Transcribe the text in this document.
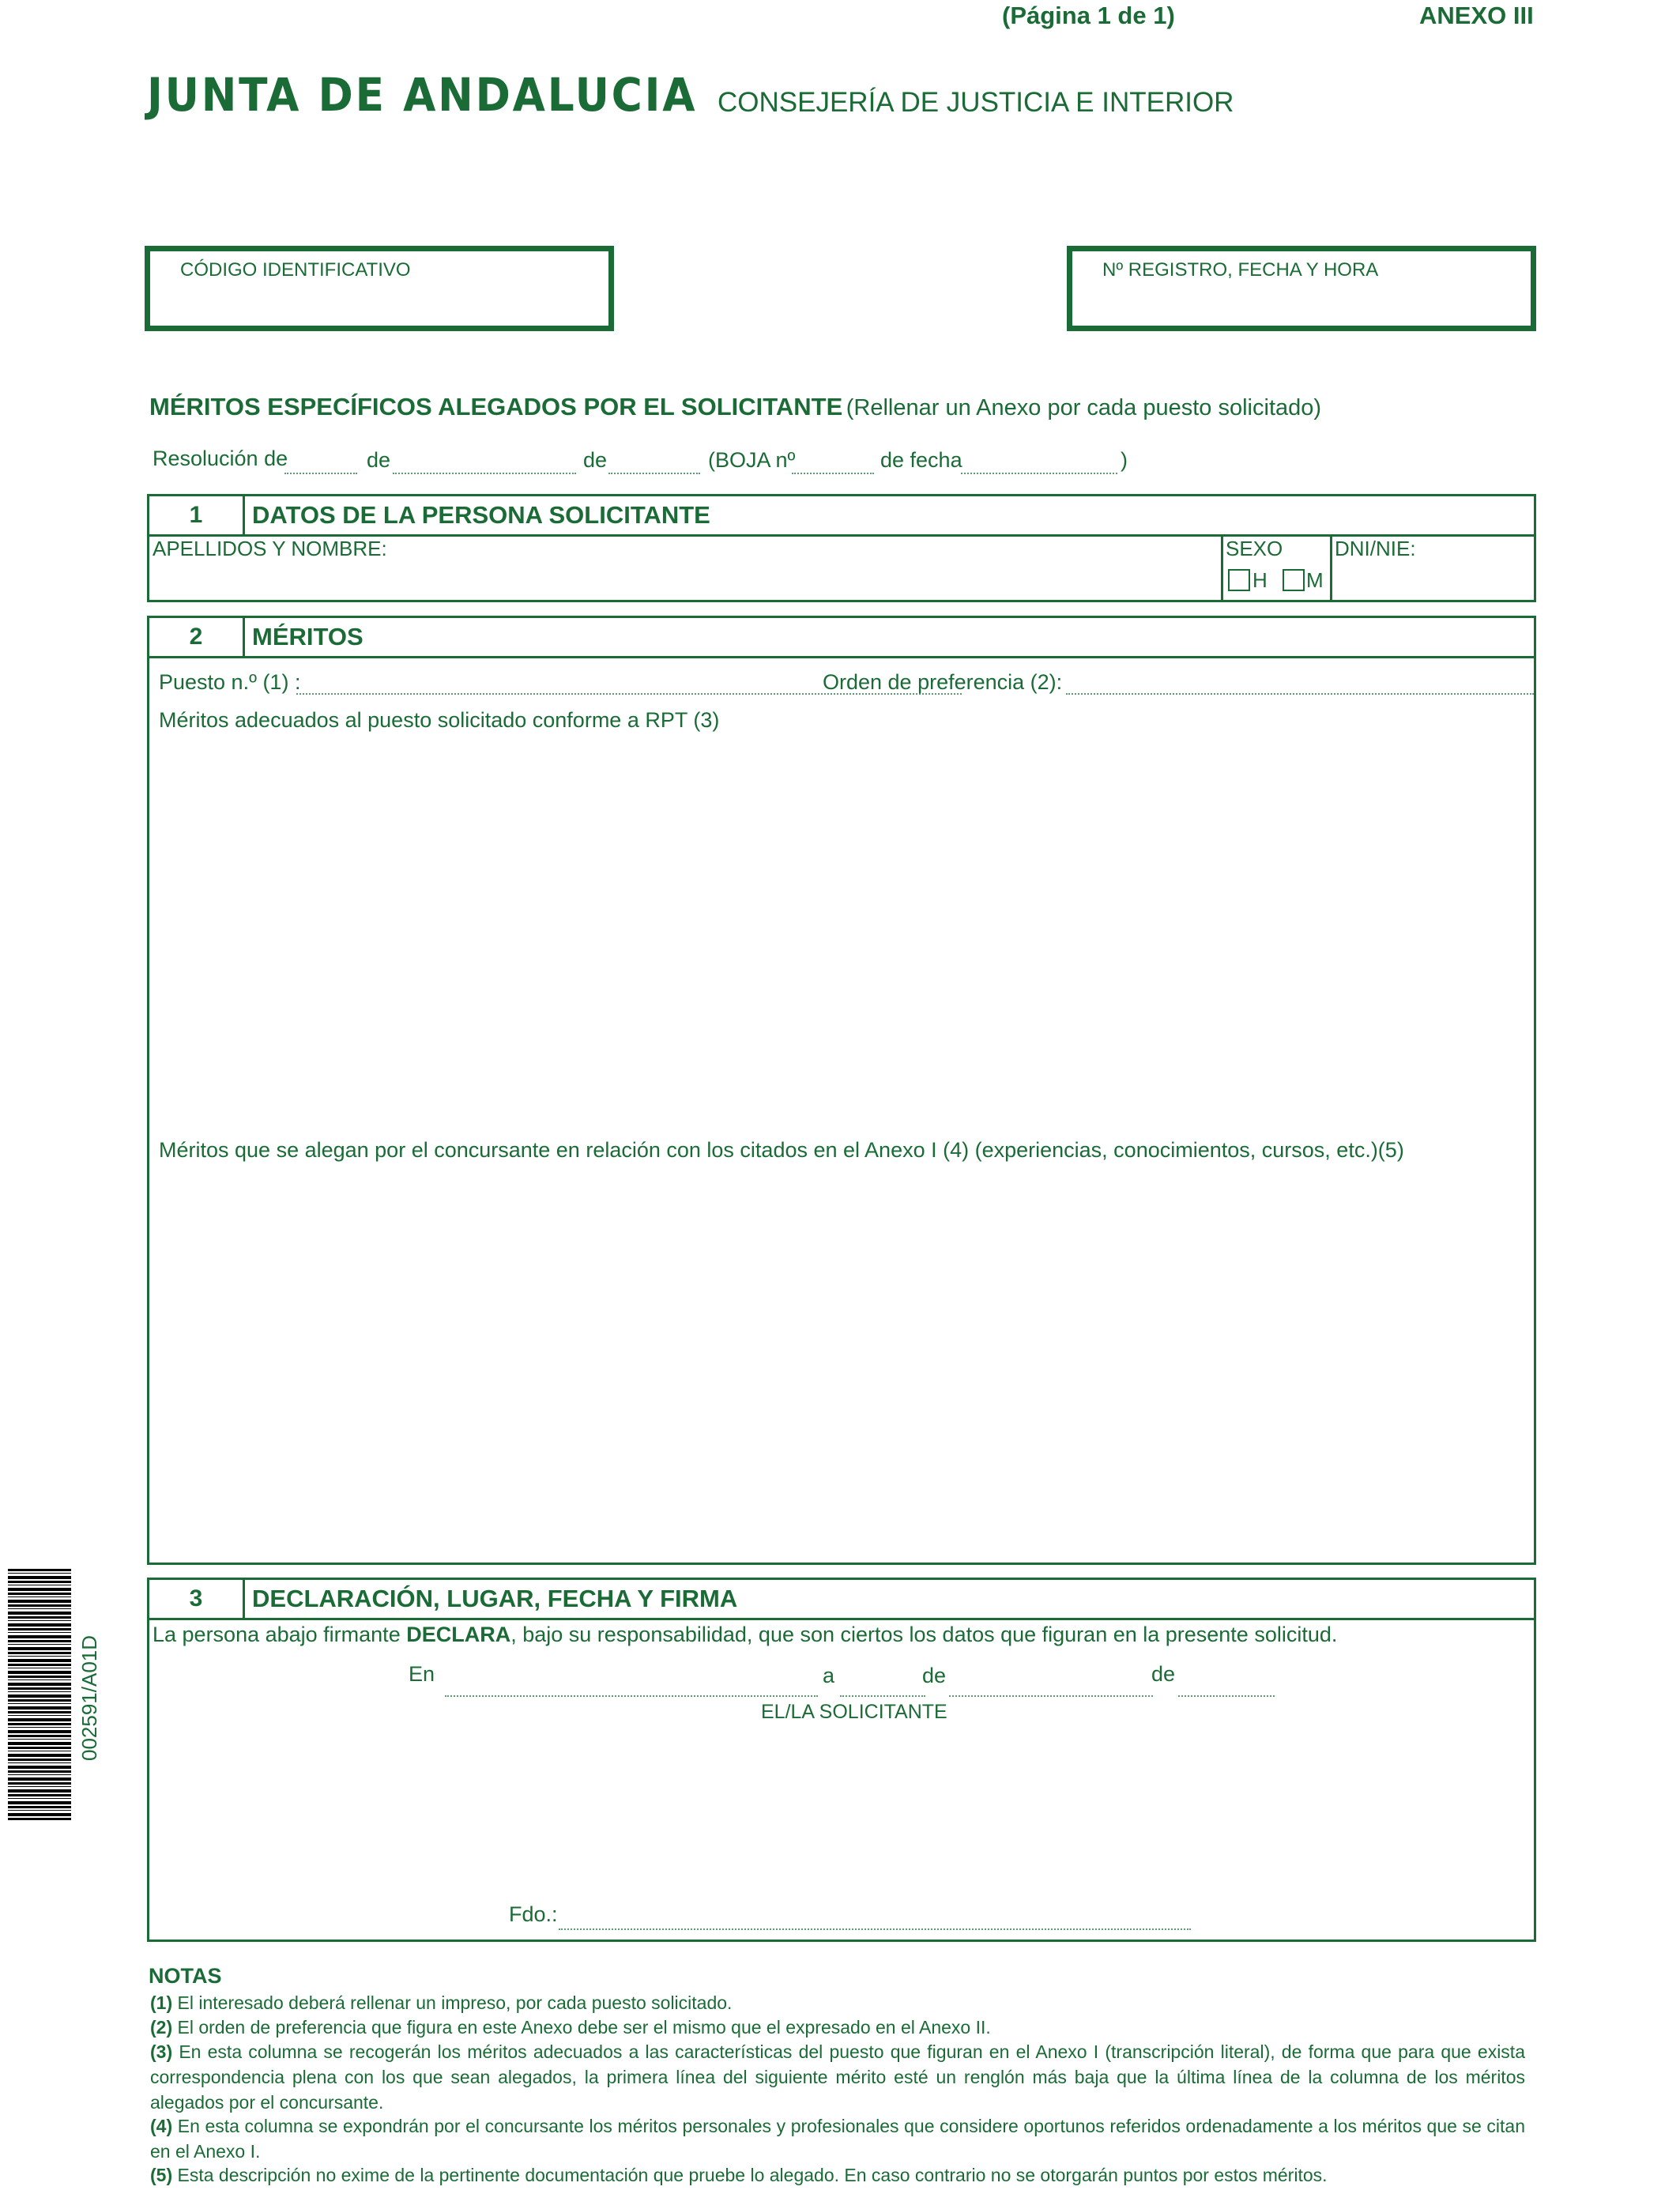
(Página 1 de 1)	ANEXO III
JUNTA DE ANDALUCIA CONSEJERÍA DE JUSTICIA E INTERIOR
CÓDIGO IDENTIFICATIVO	Nº REGISTRO, FECHA Y HORA
MÉRITOS ESPECÍFICOS ALEGADOS POR EL SOLICITANTE (Rellenar un Anexo por cada puesto solicitado)
Resolución de	de	de	(BOJA nº	de fecha	)
1	DATOS DE LA PERSONA SOLICITANTE
APELLIDOS Y NOMBRE:	SEXO
H M
DNI/NIE:
2	MÉRITOS
Puesto n.º (1) :	Orden de preferencia (2):
Méritos adecuados al puesto solicitado conforme a RPT (3)
Méritos que se alegan por el concursante en relación con los citados en el Anexo I (4) (experiencias, conocimientos, cursos, etc.)(5)
3	DECLARACIÓN, LUGAR, FECHA Y FIRMA
La persona abajo firmante DECLARA, bajo su responsabilidad, que son ciertos los datos que figuran en la presente solicitud.
En	a	de	de
EL/LA SOLICITANTE
Fdo.:
002591/A01D
NOTAS
(1) El interesado deberá rellenar un impreso, por cada puesto solicitado.
(2) El orden de preferencia que figura en este Anexo debe ser el mismo que el expresado en el Anexo II.
(3) En esta columna se recogerán los méritos adecuados a las características del puesto que figuran en el Anexo I (transcripción literal), de forma que para que exista correspondencia plena con los que sean alegados, la primera línea del siguiente mérito esté un renglón más baja que la última línea de la columna de los méritos alegados por el concursante.
(4) En esta columna se expondrán por el concursante los méritos personales y profesionales que considere oportunos referidos ordenadamente a los méritos que se citan en el Anexo I.
(5) Esta descripción no exime de la pertinente documentación que pruebe lo alegado. En caso contrario no se otorgarán puntos por estos méritos.
